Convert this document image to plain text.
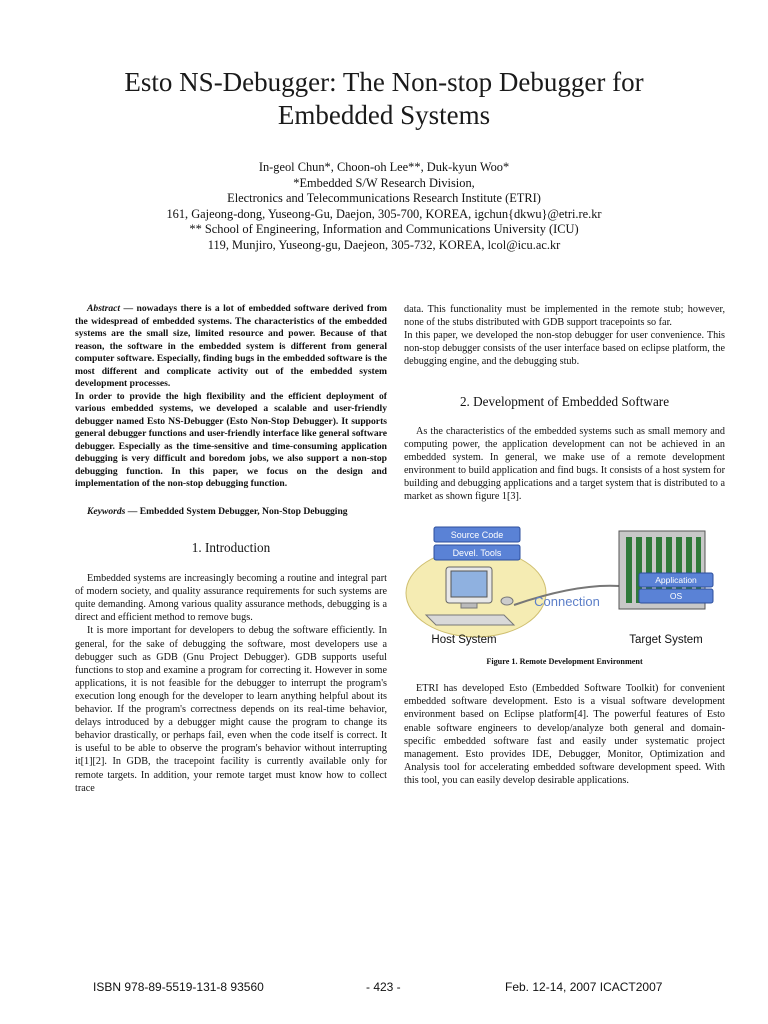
Esto NS-Debugger: The Non-stop Debugger for
Embedded Systems
In-geol Chun*, Choon-oh Lee**, Duk-kyun Woo*
*Embedded S/W Research Division,
Electronics and Telecommunications Research Institute (ETRI)
161, Gajeong-dong, Yuseong-Gu, Daejon, 305-700, KOREA, igchun{dkwu}@etri.re.kr
** School of Engineering, Information and Communications University (ICU)
119, Munjiro, Yuseong-gu, Daejeon, 305-732, KOREA, lcol@icu.ac.kr

Abstract — nowadays there is a lot of embedded software derived from the widespread of embedded systems. The characteristics of the embedded systems are the small size, limited resource and power. Because of that reason, the software in the embedded system is different from general computer software. Especially, finding bugs in the embedded software is the most different and complicate activity out of the embedded system development processes.

In order to provide the high flexibility and the efficient deployment of various embedded systems, we developed a scalable and user-friendly debugger named Esto NS-Debugger (Esto Non-Stop Debugger). It supports general debugger functions and user-friendly interface like general software debugger. Especially as the time-sensitive and time-consuming application debugging is very difficult and boredom jobs, we also support a non-stop debugging function. In this paper, we focus on the design and implementation of the non-stop debugging function.

Keywords — Embedded System Debugger, Non-Stop Debugging

1. Introduction

Embedded systems are increasingly becoming a routine and integral part of modern society, and quality assurance requirements for such systems are quite demanding. Among various quality assurance methods, debugging is a direct and efficient method to remove bugs.

It is more important for developers to debug the software efficiently. In general, for the sake of debugging the software, most developers use a debugger such as GDB (Gnu Project Debugger). GDB supports useful functions to stop and examine a program for correcting it. However in some applications, it is not feasible for the debugger to interrupt the program's execution long enough for the developer to learn anything helpful about its behavior. If the program's correctness depends on its real-time behavior, delays introduced by a debugger might cause the program to change its behavior drastically, or perhaps fail, even when the code itself is correct. It is useful to be able to observe the program's behavior without interrupting it[1][2]. In GDB, the tracepoint facility is currently available only for remote targets. In addition, your remote target must know how to collect trace

data. This functionality must be implemented in the remote stub; however, none of the stubs distributed with GDB support tracepoints so far.

In this paper, we developed the non-stop debugger for user convenience. This non-stop debugger consists of the user interface based on eclipse platform, the debugging engine, and the debugging stub.

2. Development of Embedded Software

As the characteristics of the embedded systems such as small memory and computing power, the application development can not be achieved in an embedded system. In general, we make use of a remote development environment to build application and find bugs. It consists of a host system for building and debugging applications and a target system that is distributed to a market as shown figure 1[3].

Source Code
Devel. Tools
Connection
Application
OS
Host System	Target System
Figure 1. Remote Development Environment

ETRI has developed Esto (Embedded Software Toolkit) for convenient embedded software development. Esto is a visual software development environment based on Eclipse platform[4]. The powerful features of Esto enable software engineers to develop/analyze both general and domain-specific embedded software fast and easily under systematic project management. Esto provides IDE, Debugger, Monitor, Optimization and Analysis tool for accelerating embedded software development speed. With this tool, you can easily develop desirable applications.

ISBN 978-89-5519-131-8 93560	- 423 -	Feb. 12-14, 2007 ICACT2007
